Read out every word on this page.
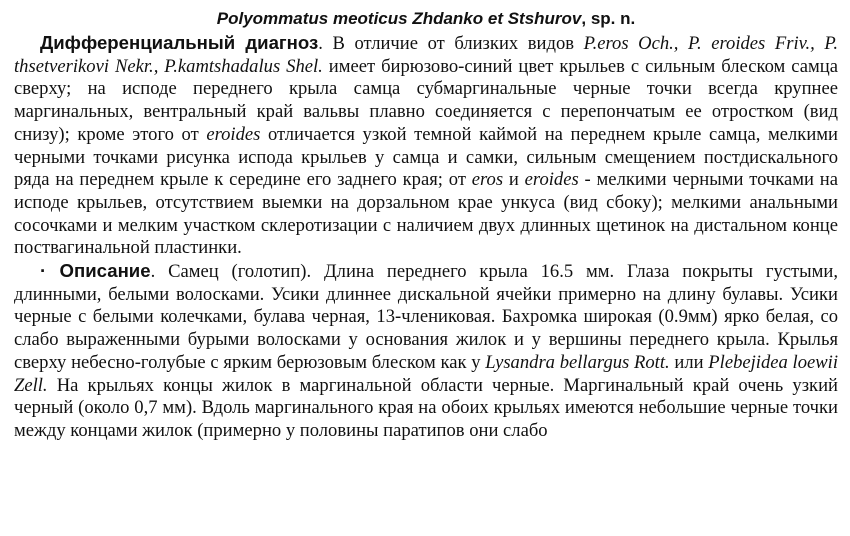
Polyommatus meoticus Zhdanko et Stshurov, sp. n.

Дифференциальный диагноз. В отличие от близких видов P.eros Och., P. eroides Friv., P. thsetverikovi Nekr., P.kamtshadalus Shel. имеет бирюзово-синий цвет крыльев с сильным блеском самца сверху; на исподе переднего крыла самца субмаргинальные черные точки всегда крупнее маргинальных, вентральный край вальвы плавно соединяется с перепончатым ее отростком (вид снизу); кроме этого от eroides отличается узкой темной каймой на переднем крыле самца, мелкими черными точками рисунка испода крыльев у самца и самки, сильным смещением постдискального ряда на переднем крыле к середине его заднего края; от eros и eroides - мелкими черными точками на исподе крыльев, отсутствием выемки на дорзальном крае ункуса (вид сбоку); мелкими анальными сосочками и мелким участком склеротизации с наличием двух длинных щетинок на дистальном конце поствагинальной пластинки.

· Описание. Самец (голотип). Длина переднего крыла 16.5 мм. Глаза покрыты густыми, длинными, белыми волосками. Усики длиннее дискальной ячейки примерно на длину булавы. Усики черные с белыми колечками, булава черная, 13-члениковая. Бахромка широкая (0.9мм) ярко белая, со слабо выраженными бурыми волосками у основания жилок и у вершины переднего крыла. Крылья сверху небесно-голубые с ярким берюзовым блеском как у Lysandra bellargus Rott. или Plebejidea loewii Zell. На крыльях концы жилок в маргинальной области черные. Маргинальный край очень узкий черный (около 0,7 мм). Вдоль маргинального края на обоих крыльях имеются небольшие черные точки между концами жилок (примерно у половины паратипов они слабо
